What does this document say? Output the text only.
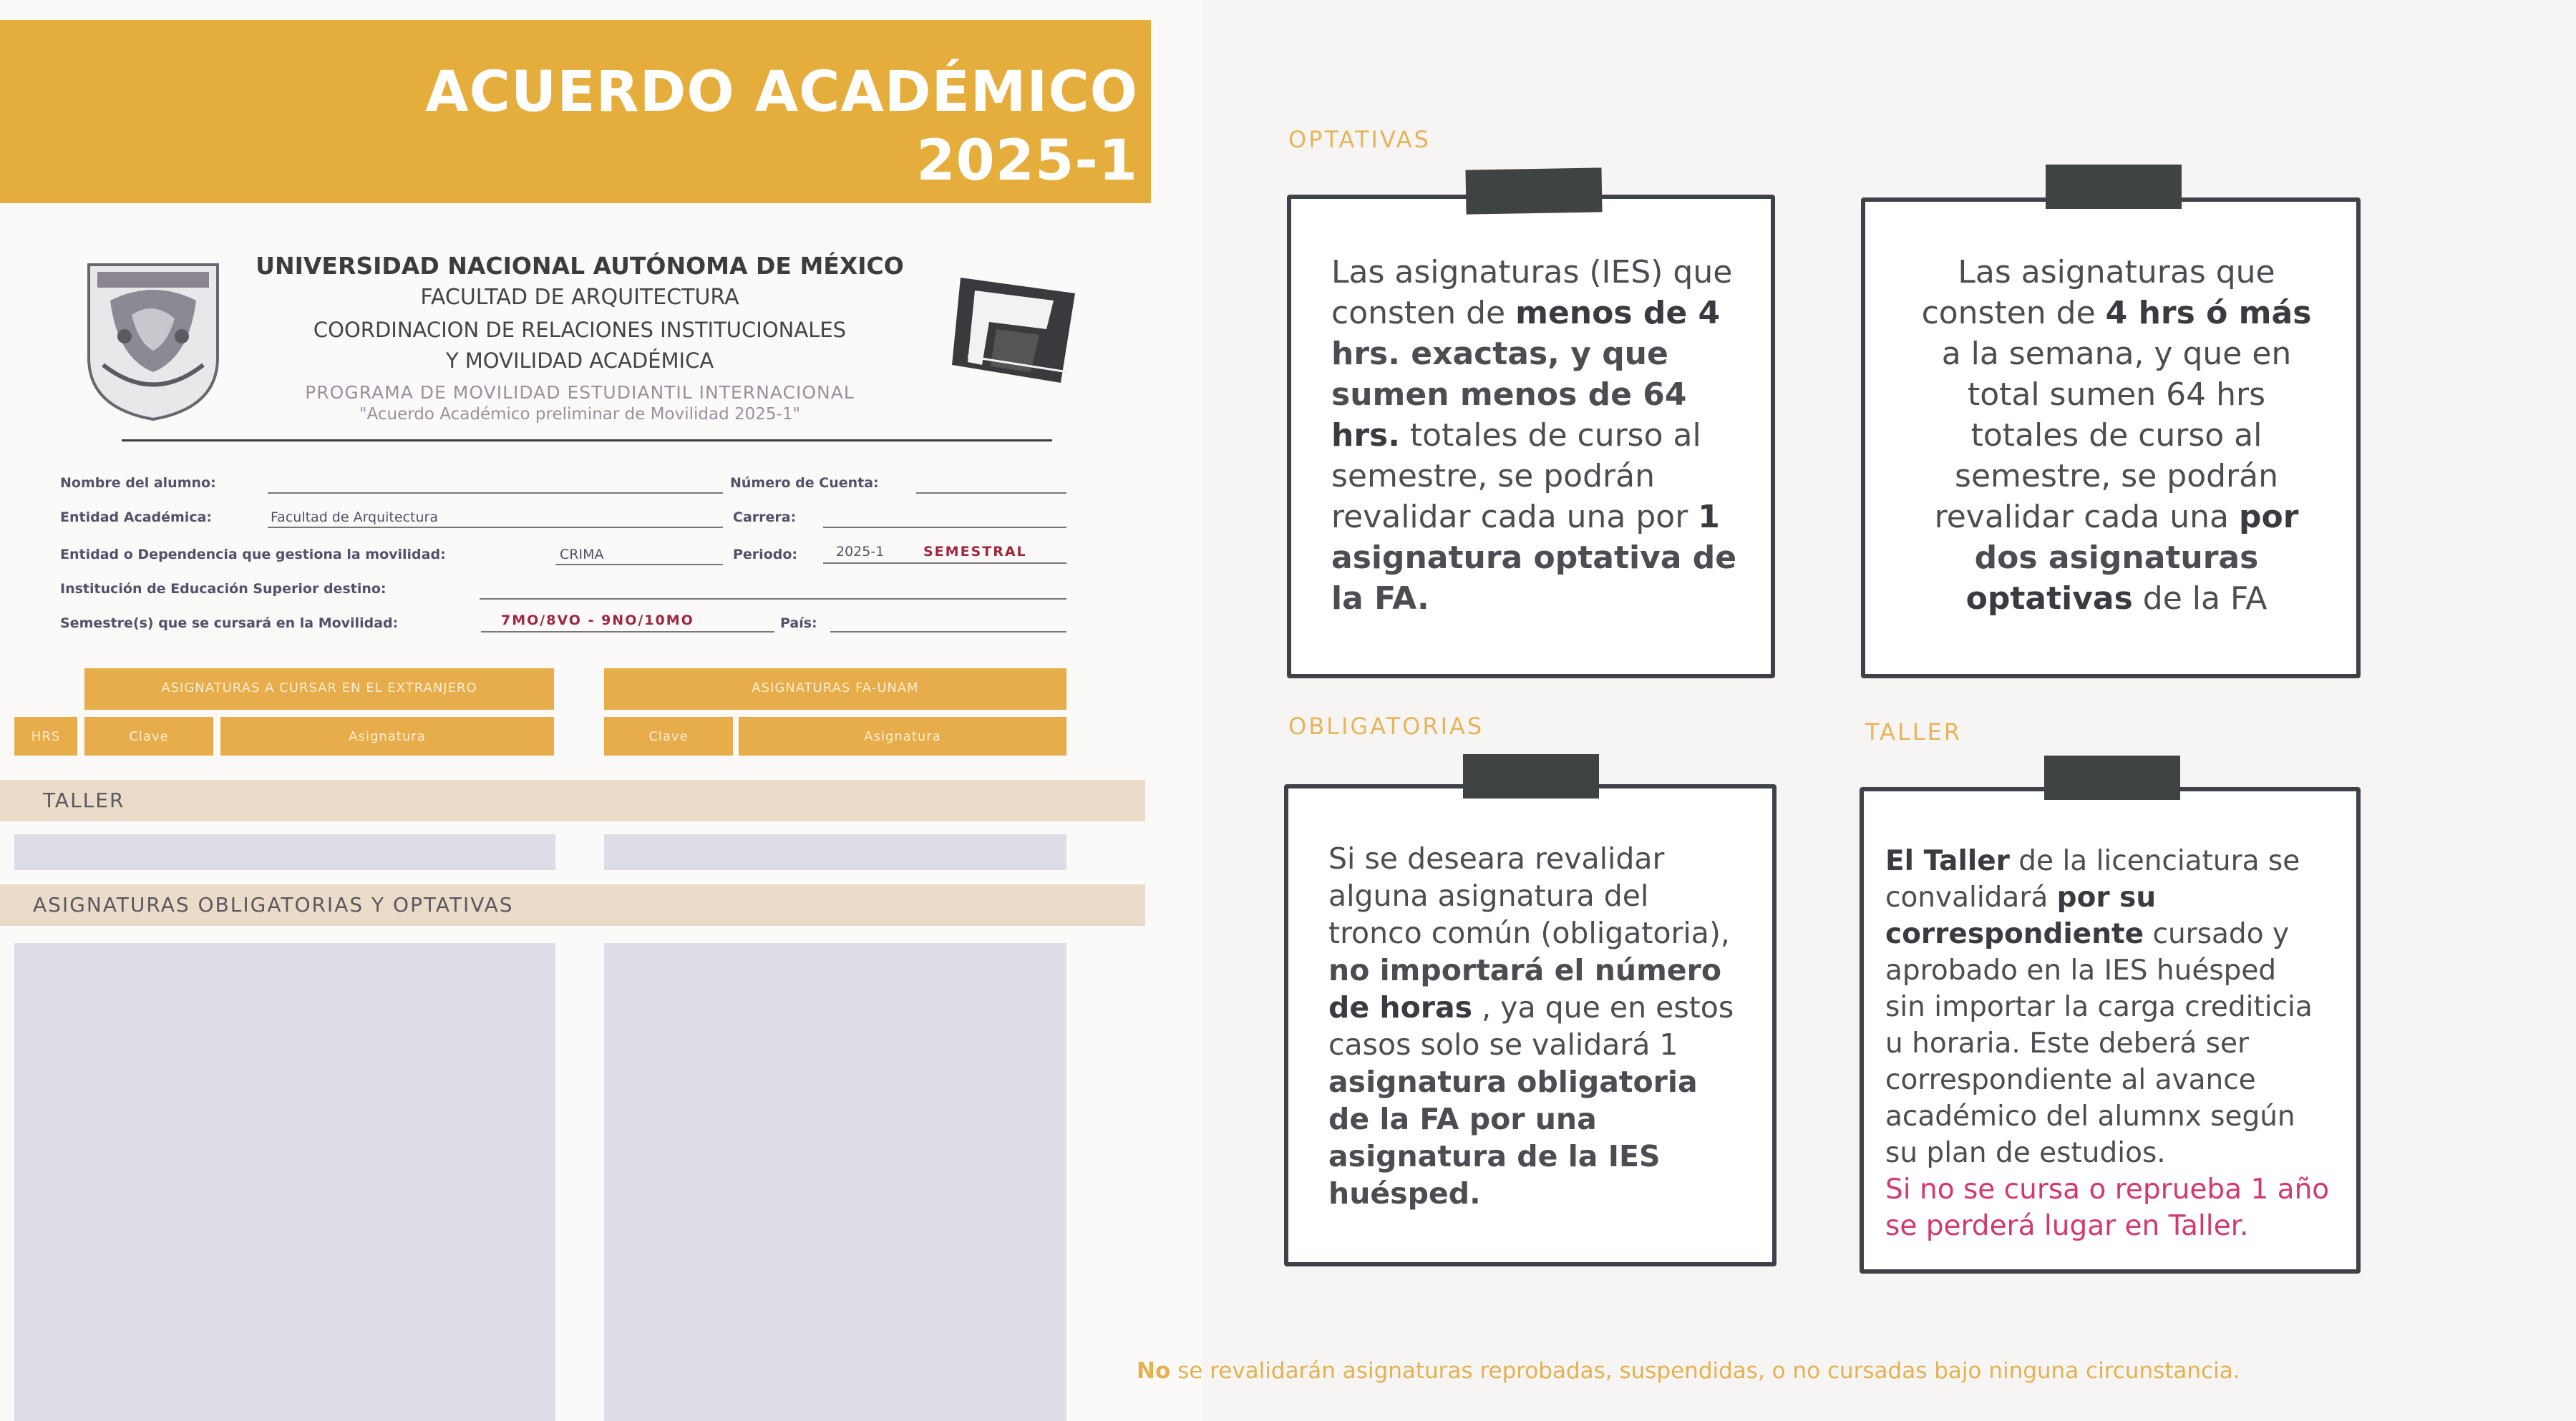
ACUERDO ACADÉMICO
2025-1
UNIVERSIDAD NACIONAL AUTÓNOMA DE MÉXICO
FACULTAD DE ARQUITECTURA
COORDINACION DE RELACIONES INSTITUCIONALES
Y MOVILIDAD ACADÉMICA
PROGRAMA DE MOVILIDAD ESTUDIANTIL INTERNACIONAL
"Acuerdo Académico preliminar de Movilidad 2025-1"
Nombre del alumno:	Número de Cuenta:
Entidad Académica:	Facultad de Arquitectura	Carrera:
Entidad o Dependencia que gestiona la movilidad:	CRIMA	Periodo:	2025-1	SEMESTRAL
Institución de Educación Superior destino:
Semestre(s) que se cursará en la Movilidad:	7MO/8VO - 9NO/10MO	País:
ASIGNATURAS A CURSAR EN EL EXTRANJERO	ASIGNATURAS FA-UNAM
HRS	Clave	Asignatura	Clave	Asignatura
TALLER
ASIGNATURAS OBLIGATORIAS Y OPTATIVAS
OPTATIVAS
OBLIGATORIAS	TALLER
Las asignaturas (IES) que
consten de menos de 4
hrs. exactas, y que
sumen menos de 64
hrs. totales de curso al
semestre, se podrán
revalidar cada una por 1
asignatura optativa de
la FA.
Las asignaturas que
consten de 4 hrs ó más
a la semana, y que en
total sumen 64 hrs
totales de curso al
semestre, se podrán
revalidar cada una por
dos asignaturas
optativas de la FA
Si se deseara revalidar
alguna asignatura del
tronco común (obligatoria),
no importará el número
de horas , ya que en estos
casos solo se validará 1
asignatura obligatoria
de la FA por una
asignatura de la IES
huésped.
El Taller de la licenciatura se
convalidará por su
correspondiente cursado y
aprobado en la IES huésped
sin importar la carga crediticia
u horaria. Este deberá ser
correspondiente al avance
académico del alumnx según
su plan de estudios.
Si no se cursa o reprueba 1 año
se perderá lugar en Taller.
No se revalidarán asignaturas reprobadas, suspendidas, o no cursadas bajo ninguna circunstancia.
